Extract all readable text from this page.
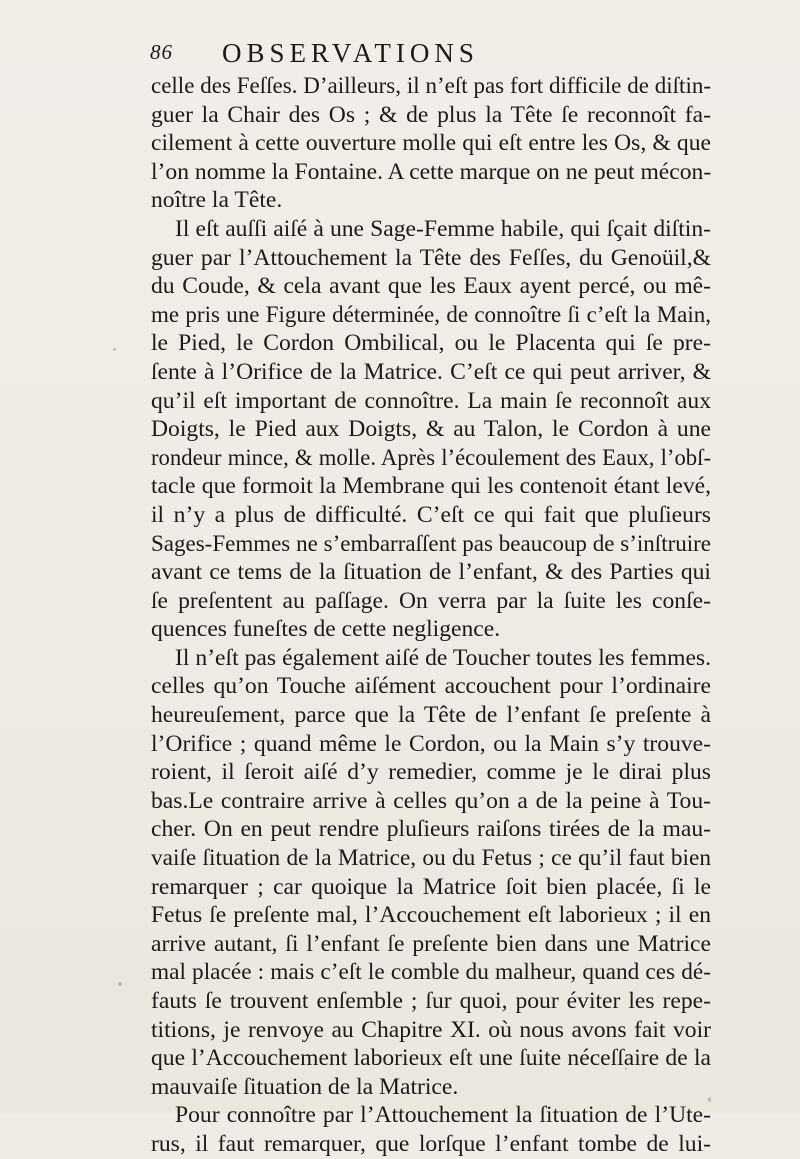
86 OBSERVATIONS
celle des Feſſes. D’ailleurs, il n’eſt pas fort difficile de diſtin-
guer la Chair des Os ; & de plus la Tête ſe reconnoît fa-
cilement à cette ouverture molle qui eſt entre les Os, & que
l’on nomme la Fontaine. A cette marque on ne peut mécon-
noître la Tête.
Il eſt auſſi aiſé à une Sage-Femme habile, qui ſçait diſtin-
guer par l’Attouchement la Tête des Feſſes, du Genoüil,&
du Coude, & cela avant que les Eaux ayent percé, ou mê-
me pris une Figure déterminée, de connoître ſi c’eſt la Main,
le Pied, le Cordon Ombilical, ou le Placenta qui ſe pre-
ſente à l’Orifice de la Matrice. C’eſt ce qui peut arriver, &
qu’il eſt important de connoître. La main ſe reconnoît aux
Doigts, le Pied aux Doigts, & au Talon, le Cordon à une
rondeur mince, & molle. Après l’écoulement des Eaux, l’obſ-
tacle que formoit la Membrane qui les contenoit étant levé,
il n’y a plus de difficulté. C’eſt ce qui fait que pluſieurs
Sages-Femmes ne s’embarraſſent pas beaucoup de s’inſtruire
avant ce tems de la ſituation de l’enfant, & des Parties qui
ſe preſentent au paſſage. On verra par la ſuite les conſe-
quences funeſtes de cette negligence.
Il n’eſt pas également aiſé de Toucher toutes les femmes.
celles qu’on Touche aiſément accouchent pour l’ordinaire
heureuſement, parce que la Tête de l’enfant ſe preſente à
l’Orifice ; quand même le Cordon, ou la Main s’y trouve-
roient, il ſeroit aiſé d’y remedier, comme je le dirai plus
bas.Le contraire arrive à celles qu’on a de la peine à Tou-
cher. On en peut rendre pluſieurs raiſons tirées de la mau-
vaiſe ſituation de la Matrice, ou du Fetus ; ce qu’il faut bien
remarquer ; car quoique la Matrice ſoit bien placée, ſi le
Fetus ſe preſente mal, l’Accouchement eſt laborieux ; il en
arrive autant, ſi l’enfant ſe preſente bien dans une Matrice
mal placée : mais c’eſt le comble du malheur, quand ces dé-
fauts ſe trouvent enſemble ; ſur quoi, pour éviter les repe-
titions, je renvoye au Chapitre XI. où nous avons fait voir
que l’Accouchement laborieux eſt une ſuite néceſſaire de la
mauvaiſe ſituation de la Matrice.
Pour connoître par l’Attouchement la ſituation de l’Ute-
rus, il faut remarquer, que lorſque l’enfant tombe de lui-
